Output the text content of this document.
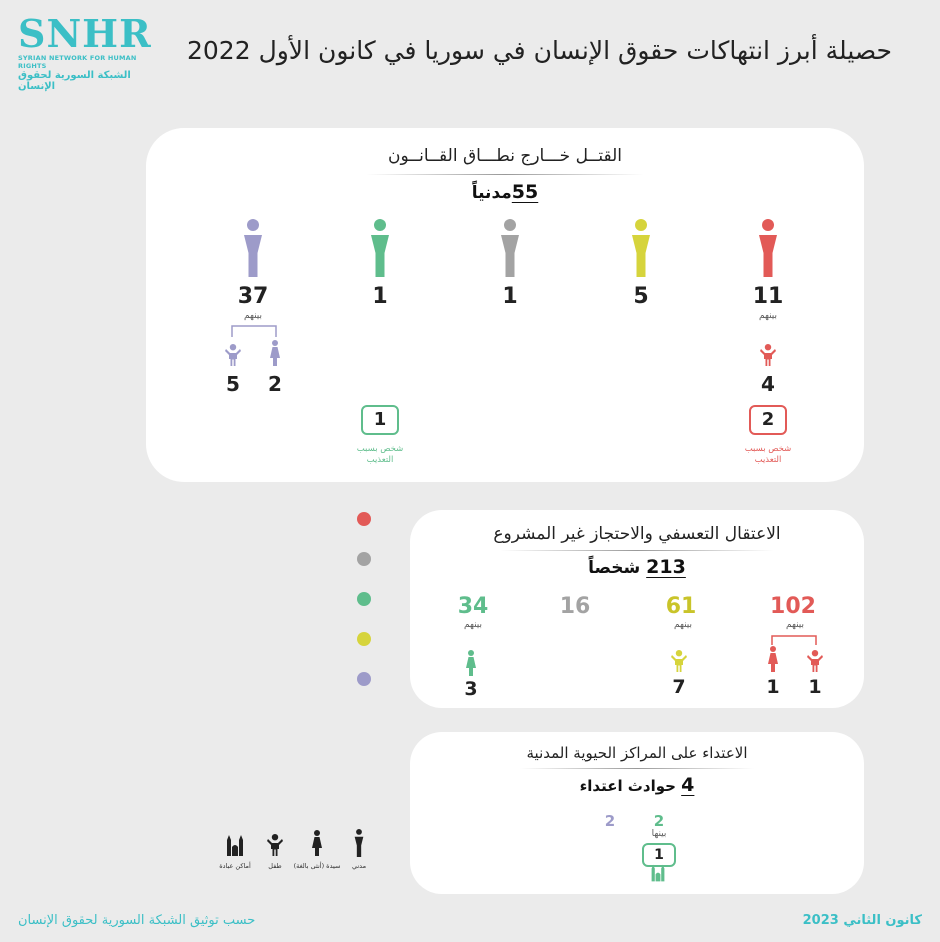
SNHR
SYRIAN NETWORK FOR HUMAN RIGHTS
الشبكة السورية لحقوق الإنسان
حصيلة أبرز انتهاكات حقوق الإنسان في سوريا في كانون الأول 2022
القتــل خـــارج نطـــاق القــانــون
55مدنياً
11
بينهم
4
2
شخص بسبب التعذيب
5
1
1
1
شخص بسبب التعذيب
37
بينهم
2
5
الاعتقال التعسفي والاحتجاز غير المشروع
213 شخصاً
102
بينهم
1	1
61
بينهم
7
16
34
بينهم
3
الاعتداء على المراكز الحيوية المدنية
4 حوادث اعتداء
2
بينها
2
1
مدني
سيدة (أنثى بالغة)
طفل
أماكن عبادة
حسب توثيق الشبكة السورية لحقوق الإنسان	كانون الثاني 2023
